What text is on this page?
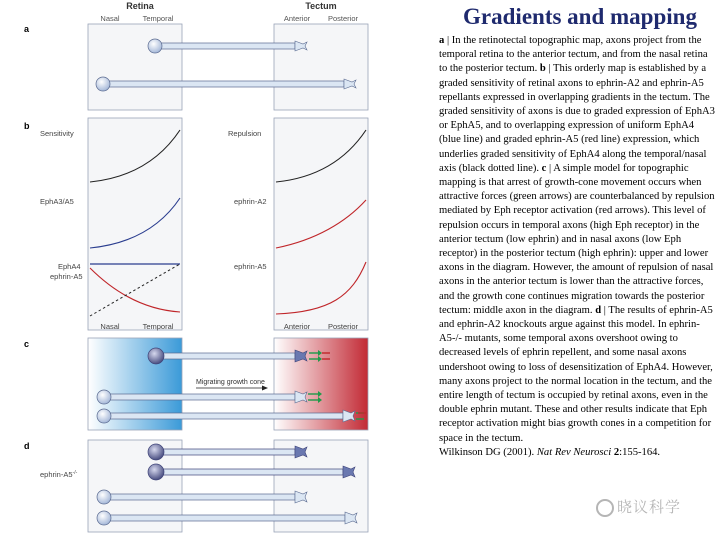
Retina	Tectum
Nasal	Temporal	Anterior Posterior
a
b
Sensitivity	Repulsion
EphA3/A5	ephrin-A2
EphA4
ephrin-A5
ephrin-A5
Nasal	Temporal	Anterior Posterior
c
Migrating growth cone
d
ephrin-A5-/-
Gradients and mapping

a | In the retinotectal topographic map, axons project from the temporal retina to the anterior tectum, and from the nasal retina to the posterior tectum. b | This orderly map is established by a graded sensitivity of retinal axons to ephrin-A2 and ephrin-A5 repellants expressed in overlapping gradients in the tectum. The graded sensitivity of axons is due to graded expression of EphA3 or EphA5, and to overlapping expression of uniform EphA4 (blue line) and graded ephrin-A5 (red line) expression, which underlies graded sensitivity of EphA4 along the temporal/nasal axis (black dotted line). c | A simple model for topographic mapping is that arrest of growth-cone movement occurs when attractive forces (green arrows) are counterbalanced by repulsion mediated by Eph receptor activation (red arrows). This level of repulsion occurs in temporal axons (high Eph receptor) in the anterior tectum (low ephrin) and in nasal axons (low Eph receptor) in the posterior tectum (high ephrin): upper and lower axons in the diagram. However, the amount of repulsion of nasal axons in the anterior tectum is lower than the attractive forces, and the growth cone continues migration towards the posterior tectum: middle axon in the diagram. d | The results of ephrin-A5 and ephrin-A2 knockouts argue against this model. In ephrin-A5-/- mutants, some temporal axons overshoot owing to decreased levels of ephrin repellent, and some nasal axons undershoot owing to loss of desensitization of EphA4. However, many axons project to the normal location in the tectum, and the entire length of tectum is occupied by retinal axons, even in the double ephrin mutant. These and other results indicate that Eph receptor activation might bias growth cones in a competition for space in the tectum.
Wilkinson DG (2001). Nat Rev Neurosci 2:155-164.

晓议科学
